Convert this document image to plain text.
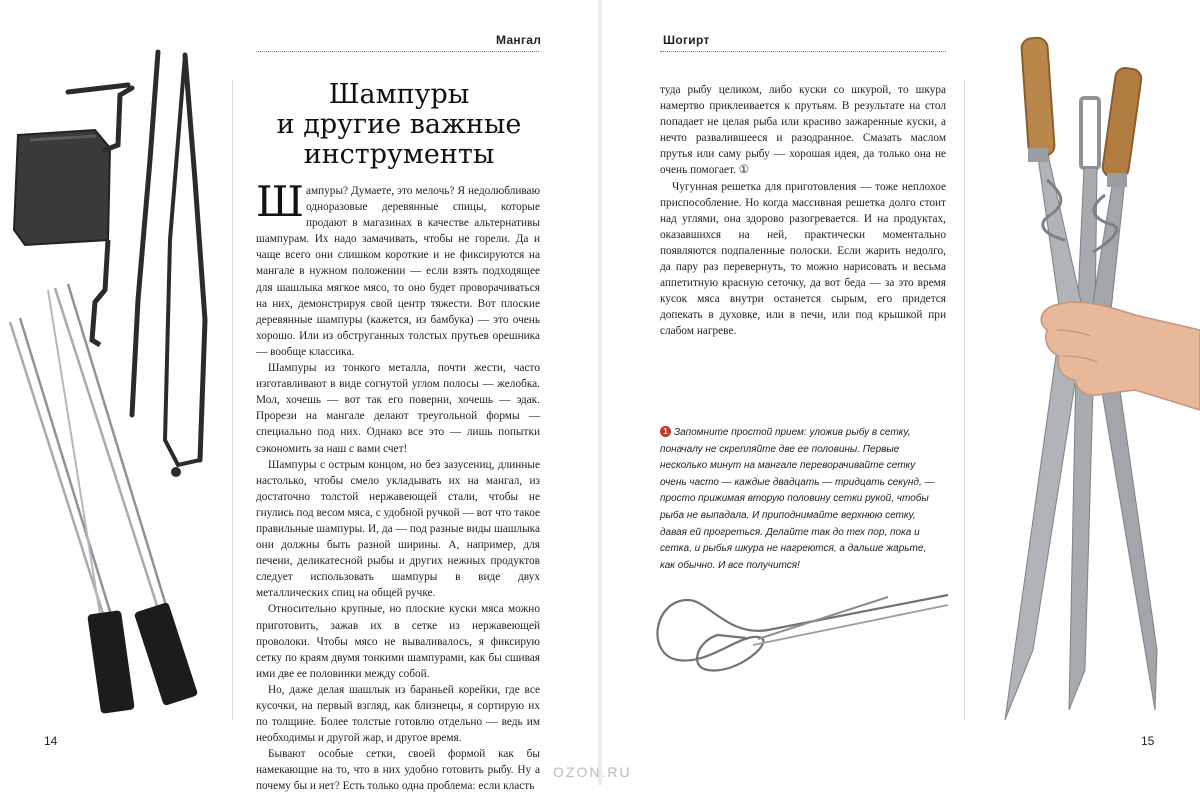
Мангал	Шогирт
Шампуры
и другие важные
инструменты

Шампуры? Думаете, это мелочь? Я недолюбливаю одноразовые деревянные спицы, которые продают в магазинах в качестве альтернативы шампурам. Их надо замачивать, чтобы не горели. Да и чаще всего они слишком короткие и не фиксируются на мангале в нужном положении — если взять подходящее для шашлыка мягкое мясо, то оно будет проворачиваться на них, демонстрируя свой центр тяжести. Вот плоские деревянные шампуры (кажется, из бамбука) — это очень хорошо. Или из обструганных толстых прутьев орешника — вообще классика.

Шампуры из тонкого металла, почти жести, часто изготавливают в виде согнутой углом полосы — желобка. Мол, хочешь — вот так его поверни, хочешь — эдак. Прорези на мангале делают треугольной формы — специально под них. Однако все это — лишь попытки сэкономить за наш с вами счет!

Шампуры с острым концом, но без зазусениц, длинные настолько, чтобы смело укладывать их на мангал, из достаточно толстой нержавеющей стали, чтобы не гнулись под весом мяса, с удобной ручкой — вот что такое правильные шампуры. И, да — под разные виды шашлыка они должны быть разной ширины. А, например, для печени, деликатесной рыбы и других нежных продуктов следует использовать шампуры в виде двух металлических спиц на общей ручке.

Относительно крупные, но плоские куски мяса можно приготовить, зажав их в сетке из нержавеющей проволоки. Чтобы мясо не вываливалось, я фиксирую сетку по краям двумя тонкими шампурами, как бы сшивая ими две ее половинки между собой.

Но, даже делая шашлык из бараньей корейки, где все кусочки, на первый взгляд, как близнецы, я сортирую их по толщине. Более толстые готовлю отдельно — ведь им необходимы и другой жар, и другое время.

Бывают особые сетки, своей формой как бы намекающие на то, что в них удобно готовить рыбу. Ну а почему бы и нет? Есть только одна проблема: если класть

туда рыбу целиком, либо куски со шкурой, то шкура намертво приклеивается к прутьям. В результате на стол попадает не целая рыба или красиво зажаренные куски, а нечто развалившееся и разодранное. Смазать маслом прутья или саму рыбу — хорошая идея, да только она не очень помогает. ①

Чугунная решетка для приготовления — тоже неплохое приспособление. Но когда массивная решетка долго стоит над углями, она здорово разогревается. И на продуктах, оказавшихся на ней, практически моментально появляются подпаленные полоски. Если жарить недолго, да пару раз перевернуть, то можно нарисовать и весьма аппетитную красную сеточку, да вот беда — за это время кусок мяса внутри останется сырым, его придется допекать в духовке, или в печи, или под крышкой при слабом нагреве.

1 Запомните простой прием: уложив рыбу в сетку, поначалу не скрепляйте две ее половины. Первые несколько минут на мангале переворачивайте сетку очень часто — каждые двадцать — тридцать секунд, — просто прижимая вторую половину сетки рукой, чтобы рыба не выпадала. И приподнимайте верхнюю сетку, давая ей прогреться. Делайте так до тех пор, пока и сетка, и рыбья шкура не нагреются, а дальше жарьте, как обычно. И все получится!
14	15
OZON.RU
